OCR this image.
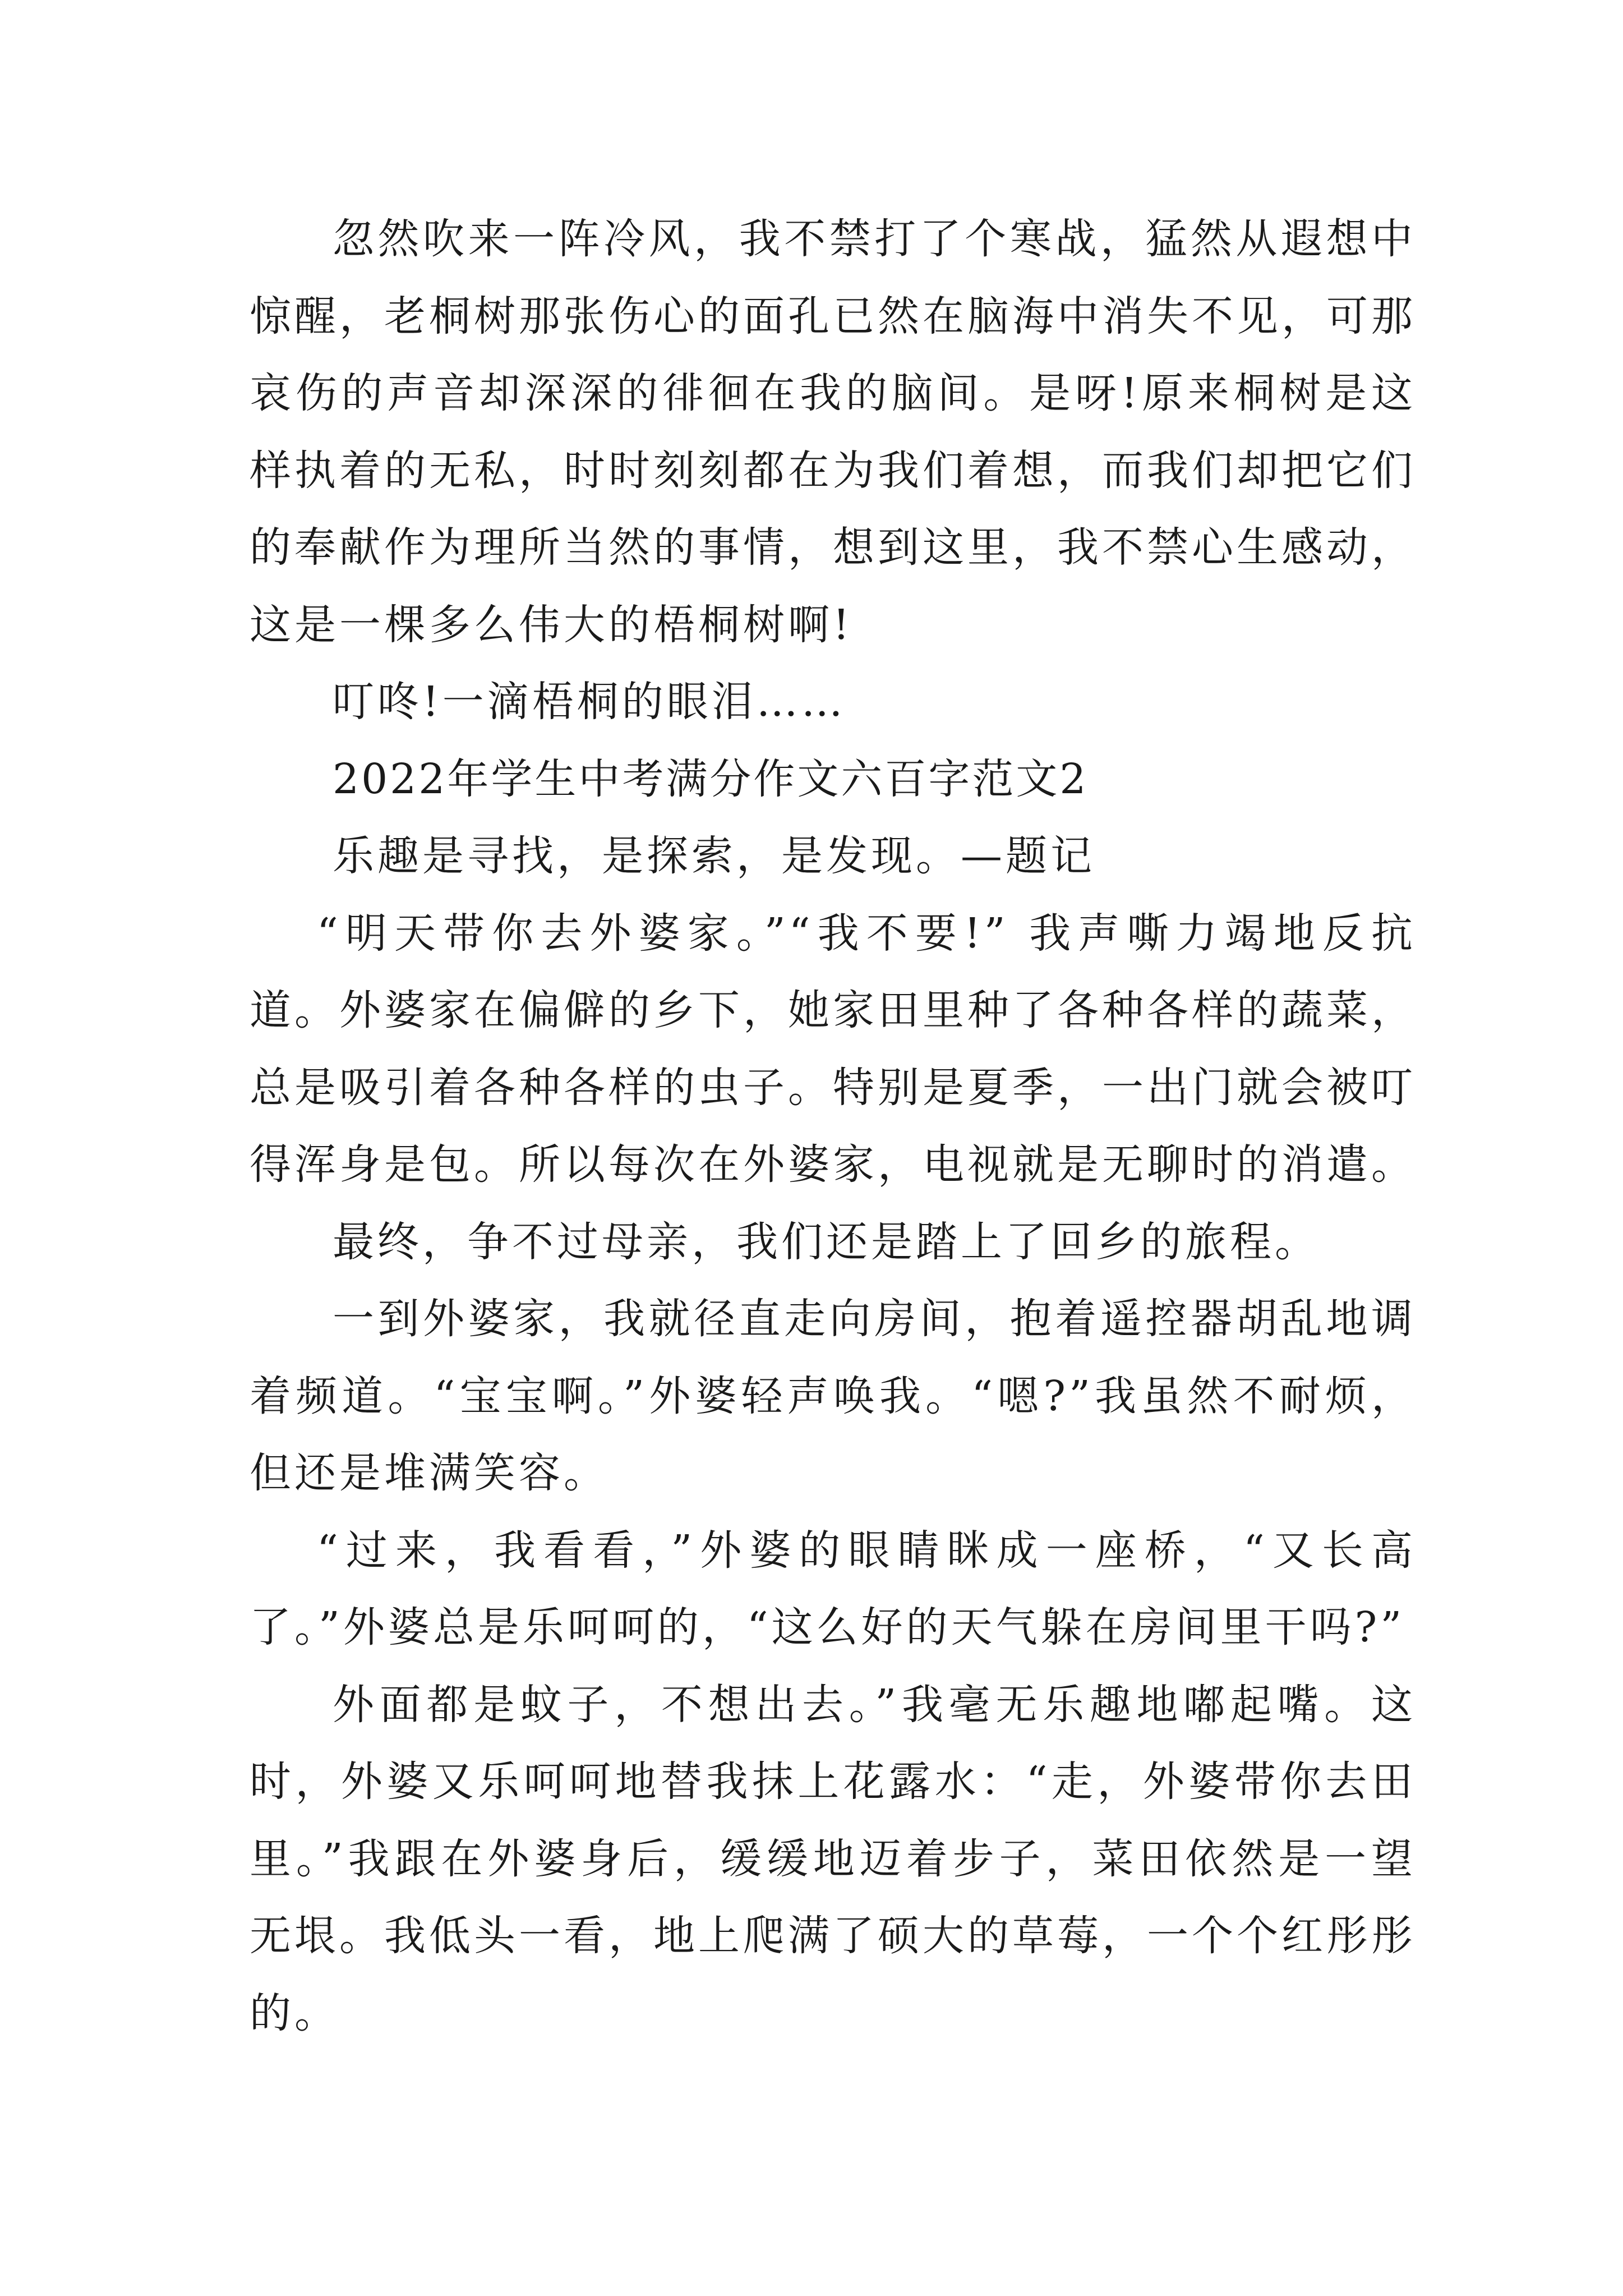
忽然吹来一阵冷风，我不禁打了个寒战，猛然从遐想中惊醒，老桐树那张伤心的面孔已然在脑海中消失不见，可那哀伤的声音却深深的徘徊在我的脑间。是呀!原来桐树是这样执着的无私，时时刻刻都在为我们着想，而我们却把它们的奉献作为理所当然的事情，想到这里，我不禁心生感动，这是一棵多么伟大的梧桐树啊!

叮咚!一滴梧桐的眼泪……

2022年学生中考满分作文六百字范文2

乐趣是寻找，是探索，是发现。—题记

“明天带你去外婆家。”“我不要!” 我声嘶力竭地反抗道。外婆家在偏僻的乡下，她家田里种了各种各样的蔬菜，总是吸引着各种各样的虫子。特别是夏季，一出门就会被叮得浑身是包。所以每次在外婆家，电视就是无聊时的消遣。

最终，争不过母亲，我们还是踏上了回乡的旅程。

一到外婆家，我就径直走向房间，抱着遥控器胡乱地调着频道。“宝宝啊。”外婆轻声唤我。“嗯?”我虽然不耐烦，但还是堆满笑容。

“过来，我看看，”外婆的眼睛眯成一座桥，“又长高了。”外婆总是乐呵呵的，“这么好的天气躲在房间里干吗?”

外面都是蚊子，不想出去。”我毫无乐趣地嘟起嘴。这时，外婆又乐呵呵地替我抹上花露水：“走，外婆带你去田里。”我跟在外婆身后，缓缓地迈着步子，菜田依然是一望无垠。我低头一看，地上爬满了硕大的草莓，一个个红彤彤的。
